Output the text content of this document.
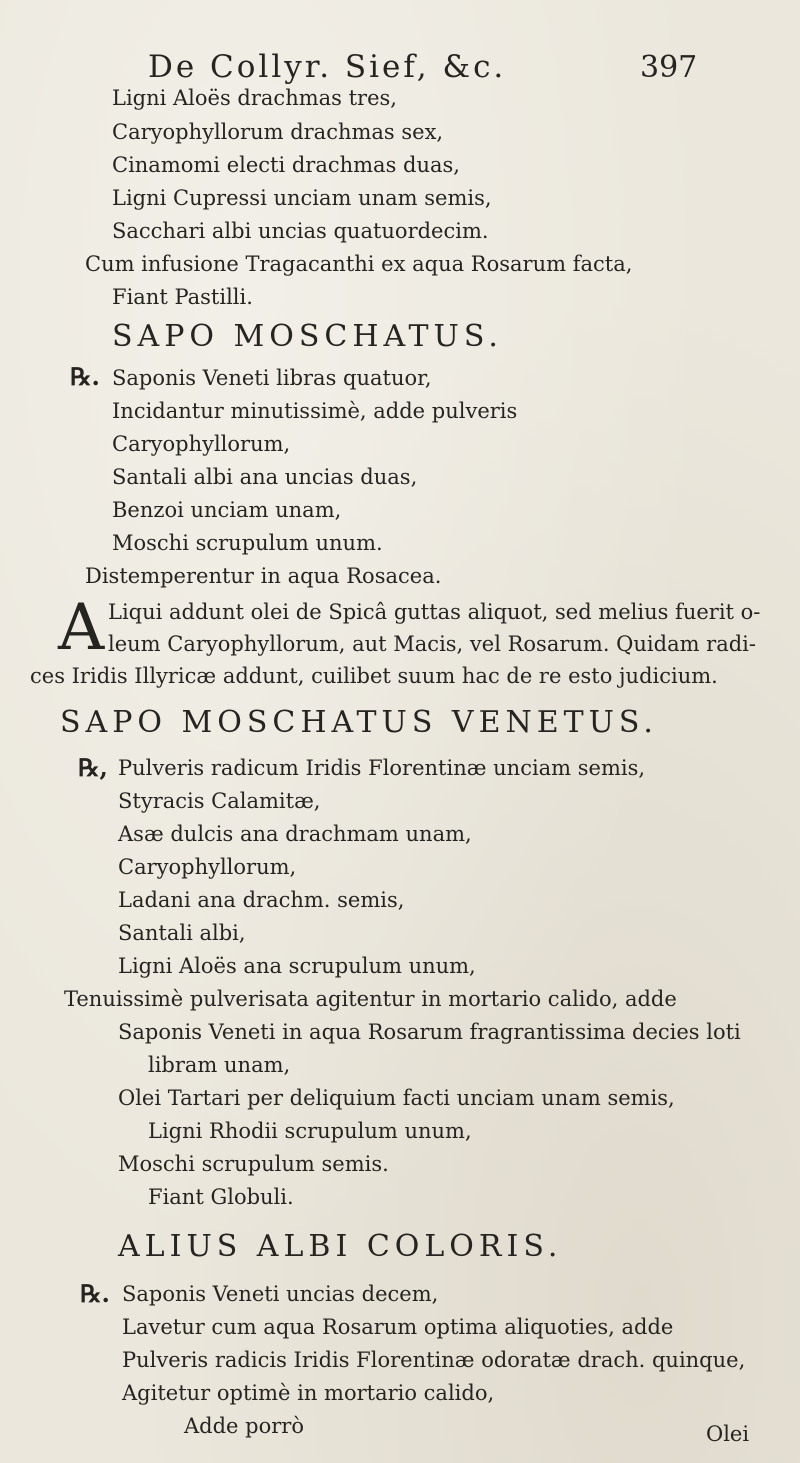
De Collyr. Sief, &c.	397
Ligni Aloës drachmas tres,
Caryophyllorum drachmas sex,
Cinamomi electi drachmas duas,
Ligni Cupressi unciam unam semis,
Sacchari albi uncias quatuordecim.
Cum infusione Tragacanthi ex aqua Rosarum facta,
Fiant Pastilli.
SAPO MOSCHATUS.
℞. Saponis Veneti libras quatuor,
Incidantur minutissimè, adde pulveris
Caryophyllorum,
Santali albi ana uncias duas,
Benzoi unciam unam,
Moschi scrupulum unum.
Distemperentur in aqua Rosacea.
A Liqui addunt olei de Spicâ guttas aliquot, sed melius fuerit o-
leum Caryophyllorum, aut Macis, vel Rosarum. Quidam radi-
ces Iridis Illyricæ addunt, cuilibet suum hac de re esto judicium.
SAPO MOSCHATUS VENETUS.
℞, Pulveris radicum Iridis Florentinæ unciam semis,
Styracis Calamitæ,
Asæ dulcis ana drachmam unam,
Caryophyllorum,
Ladani ana drachm. semis,
Santali albi,
Ligni Aloës ana scrupulum unum,
Tenuissimè pulverisata agitentur in mortario calido, adde
Saponis Veneti in aqua Rosarum fragrantissima decies loti
libram unam,
Olei Tartari per deliquium facti unciam unam semis,
Ligni Rhodii scrupulum unum,
Moschi scrupulum semis.
Fiant Globuli.
ALIUS ALBI COLORIS.
℞. Saponis Veneti uncias decem,
Lavetur cum aqua Rosarum optima aliquoties, adde
Pulveris radicis Iridis Florentinæ odoratæ drach. quinque,
Agitetur optimè in mortario calido,
Adde porrò	Olei
